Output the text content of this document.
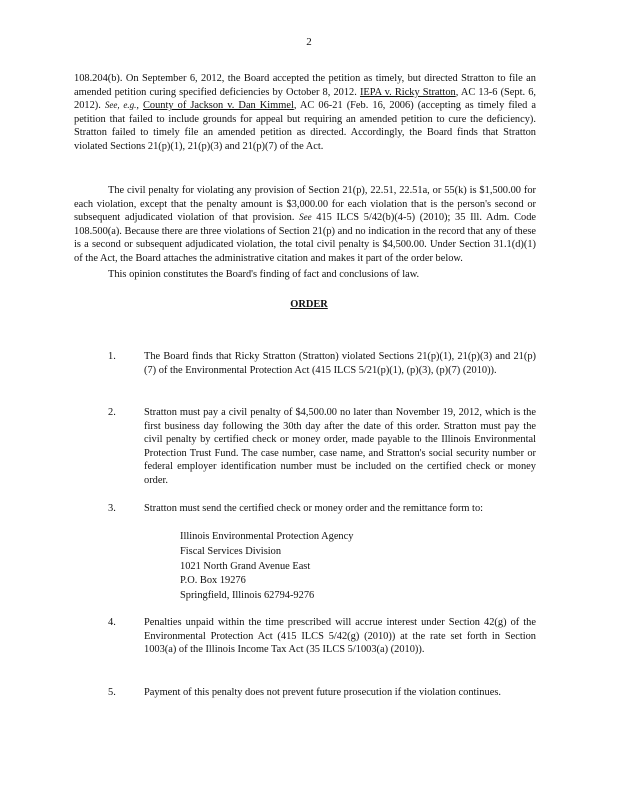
2
108.204(b). On September 6, 2012, the Board accepted the petition as timely, but directed Stratton to file an amended petition curing specified deficiencies by October 8, 2012. IEPA v. Ricky Stratton, AC 13-6 (Sept. 6, 2012). See, e.g., County of Jackson v. Dan Kimmel, AC 06-21 (Feb. 16, 2006) (accepting as timely filed a petition that failed to include grounds for appeal but requiring an amended petition to cure the deficiency). Stratton failed to timely file an amended petition as directed. Accordingly, the Board finds that Stratton violated Sections 21(p)(1), 21(p)(3) and 21(p)(7) of the Act.
The civil penalty for violating any provision of Section 21(p), 22.51, 22.51a, or 55(k) is $1,500.00 for each violation, except that the penalty amount is $3,000.00 for each violation that is the person's second or subsequent adjudicated violation of that provision. See 415 ILCS 5/42(b)(4-5) (2010); 35 Ill. Adm. Code 108.500(a). Because there are three violations of Section 21(p) and no indication in the record that any of these is a second or subsequent adjudicated violation, the total civil penalty is $4,500.00. Under Section 31.1(d)(1) of the Act, the Board attaches the administrative citation and makes it part of the order below.
This opinion constitutes the Board's finding of fact and conclusions of law.
ORDER
1.	The Board finds that Ricky Stratton (Stratton) violated Sections 21(p)(1), 21(p)(3) and 21(p)(7) of the Environmental Protection Act (415 ILCS 5/21(p)(1), (p)(3), (p)(7) (2010)).
2.	Stratton must pay a civil penalty of $4,500.00 no later than November 19, 2012, which is the first business day following the 30th day after the date of this order. Stratton must pay the civil penalty by certified check or money order, made payable to the Illinois Environmental Protection Trust Fund. The case number, case name, and Stratton's social security number or federal employer identification number must be included on the certified check or money order.
3.	Stratton must send the certified check or money order and the remittance form to:
Illinois Environmental Protection Agency
Fiscal Services Division
1021 North Grand Avenue East
P.O. Box 19276
Springfield, Illinois 62794-9276
4.	Penalties unpaid within the time prescribed will accrue interest under Section 42(g) of the Environmental Protection Act (415 ILCS 5/42(g) (2010)) at the rate set forth in Section 1003(a) of the Illinois Income Tax Act (35 ILCS 5/1003(a) (2010)).
5.	Payment of this penalty does not prevent future prosecution if the violation continues.
